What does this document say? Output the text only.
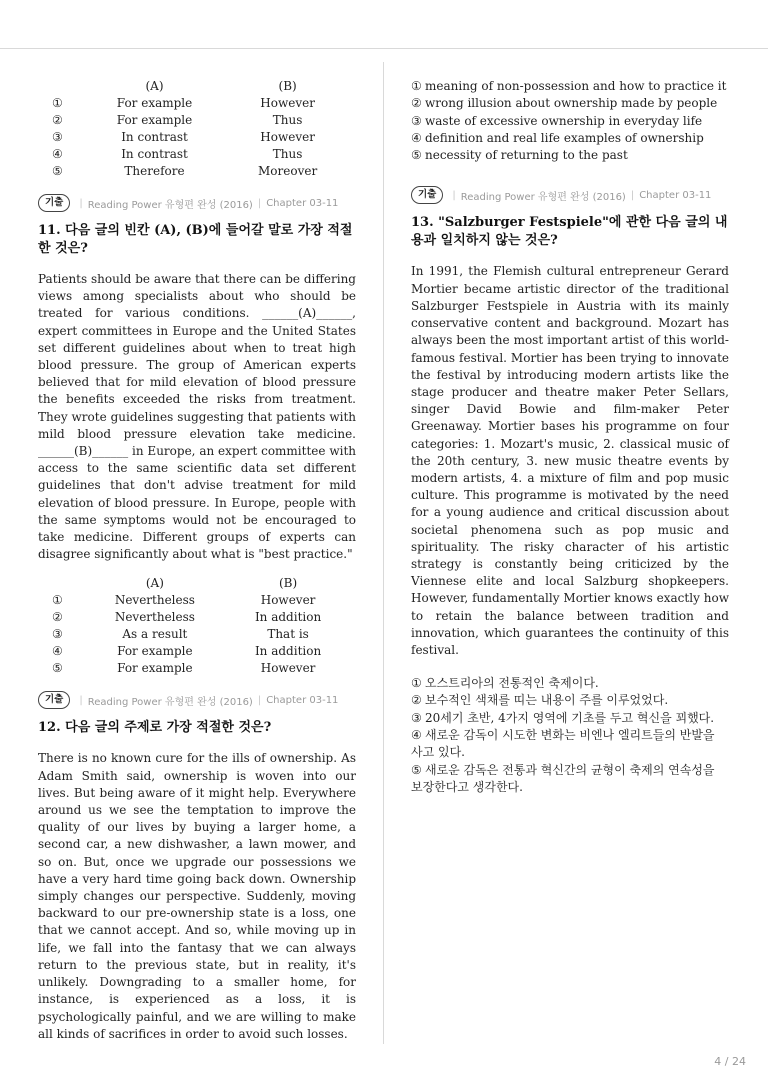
	(A)	(B)
①	For example	However
②	For example	Thus
③	In contrast	However
④	In contrast	Thus
⑤	Therefore	Moreover
기출	| Reading Power 유형편 완성 (2016) | Chapter 03-11
11. 다음 글의 빈칸 (A), (B)에 들어갈 말로 가장 적절한 것은?

Patients should be aware that there can be differing views among specialists about who should be treated for various conditions. ______(A)______, expert committees in Europe and the United States set different guidelines about when to treat high blood pressure. The group of American experts believed that for mild elevation of blood pressure the benefits exceeded the risks from treatment. They wrote guidelines suggesting that patients with mild blood pressure elevation take medicine. ______(B)______ in Europe, an expert committee with access to the same scientific data set different guidelines that don't advise treatment for mild elevation of blood pressure. In Europe, people with the same symptoms would not be encouraged to take medicine. Different groups of experts can disagree significantly about what is "best practice."

	(A)	(B)
①	Nevertheless	However
②	Nevertheless	In addition
③	As a result	That is
④	For example	In addition
⑤	For example	However
기출	| Reading Power 유형편 완성 (2016) | Chapter 03-11
12. 다음 글의 주제로 가장 적절한 것은?

There is no known cure for the ills of ownership. As Adam Smith said, ownership is woven into our lives. But being aware of it might help. Everywhere around us we see the temptation to improve the quality of our lives by buying a larger home, a second car, a new dishwasher, a lawn mower, and so on. But, once we upgrade our possessions we have a very hard time going back down. Ownership simply changes our perspective. Suddenly, moving backward to our pre-ownership state is a loss, one that we cannot accept. And so, while moving up in life, we fall into the fantasy that we can always return to the previous state, but in reality, it's unlikely. Downgrading to a smaller home, for instance, is experienced as a loss, it is psychologically painful, and we are willing to make all kinds of sacrifices in order to avoid such losses.

① meaning of non-possession and how to practice it
② wrong illusion about ownership made by people
③ waste of excessive ownership in everyday life
④ definition and real life examples of ownership
⑤ necessity of returning to the past
기출	| Reading Power 유형편 완성 (2016) | Chapter 03-11
13. "Salzburger Festspiele"에 관한 다음 글의 내용과 일치하지 않는 것은?

In 1991, the Flemish cultural entrepreneur Gerard Mortier became artistic director of the traditional Salzburger Festspiele in Austria with its mainly conservative content and background. Mozart has always been the most important artist of this world-famous festival. Mortier has been trying to innovate the festival by introducing modern artists like the stage producer and theatre maker Peter Sellars, singer David Bowie and film-maker Peter Greenaway. Mortier bases his programme on four categories: 1. Mozart's music, 2. classical music of the 20th century, 3. new music theatre events by modern artists, 4. a mixture of film and pop music culture. This programme is motivated by the need for a young audience and critical discussion about societal phenomena such as pop music and spirituality. The risky character of his artistic strategy is constantly being criticized by the Viennese elite and local Salzburg shopkeepers. However, fundamentally Mortier knows exactly how to retain the balance between tradition and innovation, which guarantees the continuity of this festival.

① 오스트리아의 전통적인 축제이다.
② 보수적인 색채를 띠는 내용이 주를 이루었었다.
③ 20세기 초반, 4가지 영역에 기초를 두고 혁신을 꾀했다.
④ 새로운 감독이 시도한 변화는 비엔나 엘리트들의 반발을 사고 있다.
⑤ 새로운 감독은 전통과 혁신간의 균형이 축제의 연속성을 보장한다고 생각한다.
4 / 24
